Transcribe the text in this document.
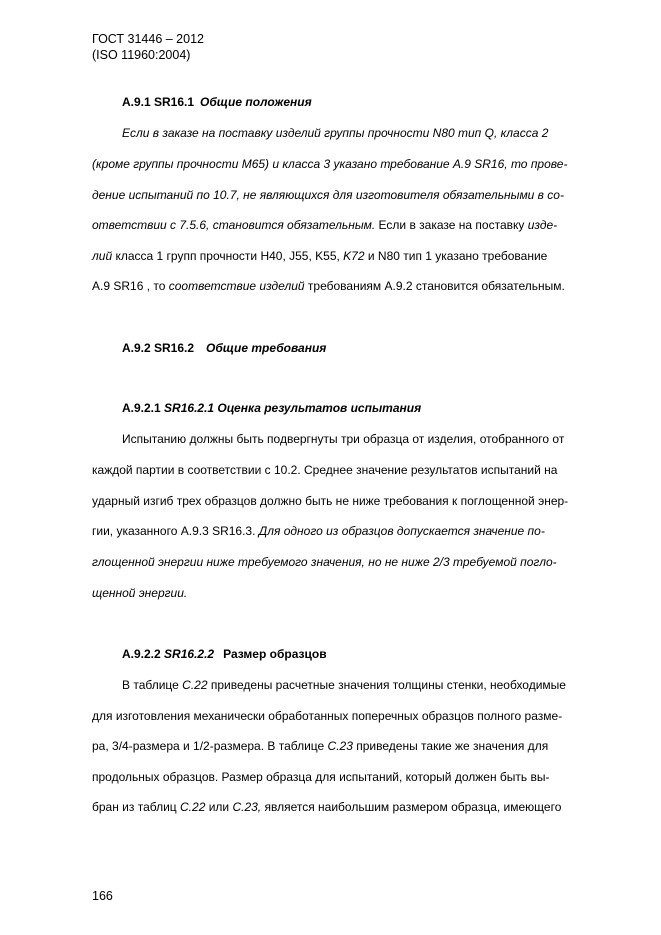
ГОСТ 31446 – 2012
(ISO 11960:2004)
A.9.1 SR16.1 Общие положения
Если в заказе на поставку изделий группы прочности N80 тип Q, класса 2
(кроме группы прочности M65) и класса 3 указано требование A.9 SR16, то прове-
дение испытаний по 10.7, не являющихся для изготовителя обязательными в со-
ответствии с 7.5.6, становится обязательным. Если в заказе на поставку изде-
лий класса 1 групп прочности H40, J55, K55, K72 и N80 тип 1 указано требование
A.9 SR16 , то соответствие изделий требованиям A.9.2 становится обязательным.
A.9.2 SR16.2 Общие требования
A.9.2.1 SR16.2.1 Оценка результатов испытания
Испытанию должны быть подвергнуты три образца от изделия, отобранного от
каждой партии в соответствии с 10.2. Среднее значение результатов испытаний на
ударный изгиб трех образцов должно быть не ниже требования к поглощенной энер-
гии, указанного A.9.3 SR16.3. Для одного из образцов допускается значение по-
глощенной энергии ниже требуемого значения, но не ниже 2/3 требуемой погло-
щенной энергии.
A.9.2.2 SR16.2.2 Размер образцов
В таблице C.22 приведены расчетные значения толщины стенки, необходимые
для изготовления механически обработанных поперечных образцов полного разме-
ра, 3/4-размера и 1/2-размера. В таблице C.23 приведены такие же значения для
продольных образцов. Размер образца для испытаний, который должен быть вы-
бран из таблиц C.22 или C.23, является наибольшим размером образца, имеющего
166
